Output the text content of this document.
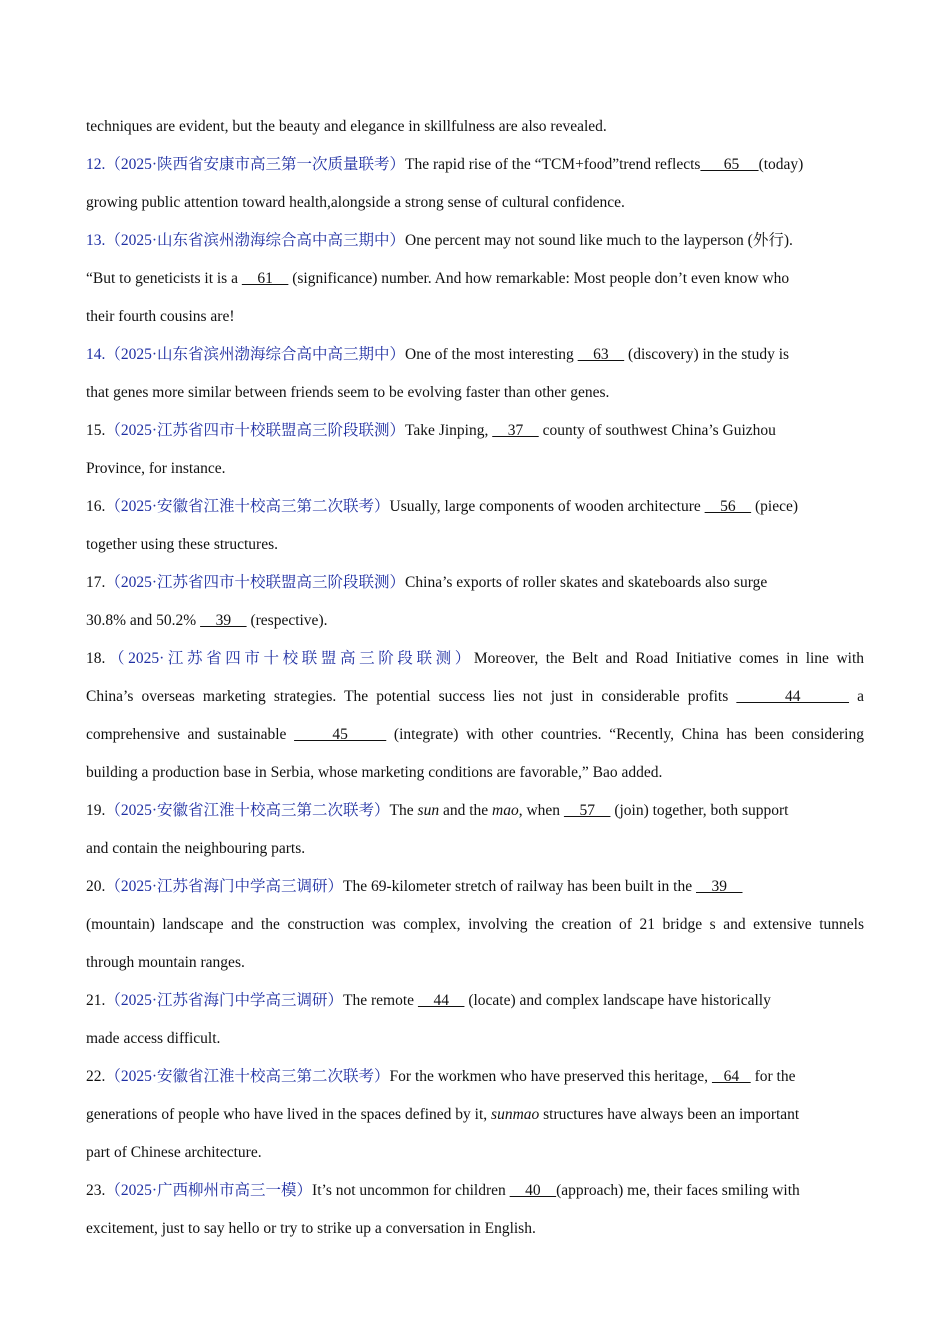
techniques are evident, but the beauty and elegance in skillfulness are also revealed.
12.（2025·陕西省安康市高三第一次质量联考）The rapid rise of the “TCM+food”trend reflects      65     (today)
growing public attention toward health,alongside a strong sense of cultural confidence.
13.（2025·山东省滨州渤海综合高中高三期中）One percent may not sound like much to the layperson (外行).
“But to geneticists it is a     61     (significance) number. And how remarkable: Most people don’t even know who
their fourth cousins are!
14.（2025·山东省滨州渤海综合高中高三期中）One of the most interesting     63     (discovery) in the study is
that genes more similar between friends seem to be evolving faster than other genes.
15.（2025·江苏省四市十校联盟高三阶段联测）Take Jinping,     37     county of southwest China’s Guizhou
Province, for instance.
16.（2025·安徽省江淮十校高三第二次联考）Usually, large components of wooden architecture     56     (piece)
together using these structures.
17.（2025·江苏省四市十校联盟高三阶段联测）China’s exports of roller skates and skateboards also surge
30.8% and 50.2%     39     (respective).
18.（2025·江苏省四市十校联盟高三阶段联测）Moreover, the Belt and Road Initiative comes in line with
China’s overseas marketing strategies. The potential success lies not just in considerable profits       44       a
comprehensive and sustainable      45      (integrate) with other countries. “Recently, China has been considering
building a production base in Serbia, whose marketing conditions are favorable,” Bao added.
19.（2025·安徽省江淮十校高三第二次联考）The sun and the mao, when     57     (join) together, both support
and contain the neighbouring parts.
20.（2025·江苏省海门中学高三调研）The 69-kilometer stretch of railway has been built in the     39
(mountain) landscape and the construction was complex, involving the creation of 21 bridge s and extensive tunnels
through mountain ranges.
21.（2025·江苏省海门中学高三调研）The remote     44     (locate) and complex landscape have historically
made access difficult.
22.（2025·安徽省江淮十校高三第二次联考）For the workmen who have preserved this heritage,    64    for the
generations of people who have lived in the spaces defined by it, sunmao structures have always been an important
part of Chinese architecture.
23.（2025·广西柳州市高三一模）It’s not uncommon for children     40    (approach) me, their faces smiling with
excitement, just to say hello or try to strike up a conversation in English.
